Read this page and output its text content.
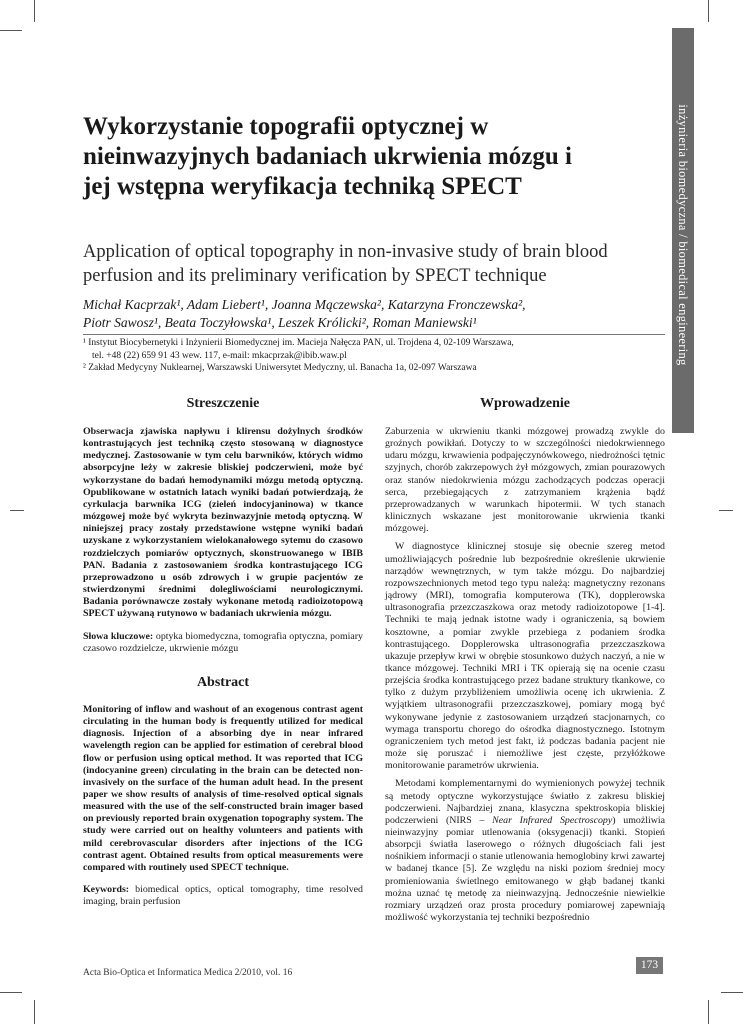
inżynieria biomedyczna / biomedical engineering
Wykorzystanie topografii optycznej w nieinwazyjnych badaniach ukrwienia mózgu i jej wstępna weryfikacja techniką SPECT
Application of optical topography in non-invasive study of brain blood perfusion and its preliminary verification by SPECT technique
Michał Kacprzak¹, Adam Liebert¹, Joanna Mączewska², Katarzyna Fronczewska²,
Piotr Sawosz¹, Beata Toczyłowska¹, Leszek Królicki², Roman Maniewski¹
¹ Instytut Biocybernetyki i Inżynierii Biomedycznej im. Macieja Nałęcza PAN, ul. Trojdena 4, 02-109 Warszawa,
tel. +48 (22) 659 91 43 wew. 117, e-mail: mkacprzak@ibib.waw.pl
² Zakład Medycyny Nuklearnej, Warszawski Uniwersytet Medyczny, ul. Banacha 1a, 02-097 Warszawa
Streszczenie

Obserwacja zjawiska napływu i klirensu dożylnych środków kontrastujących jest techniką często stosowaną w diagnostyce medycznej. Zastosowanie w tym celu barwników, których widmo absorpcyjne leży w zakresie bliskiej podczerwieni, może być wykorzystane do badań hemodynamiki mózgu metodą optyczną. Opublikowane w ostatnich latach wyniki badań potwierdzają, że cyrkulacja barwnika ICG (zieleń indocyjaninowa) w tkance mózgowej może być wykryta bezinwazyjnie metodą optyczną. W niniejszej pracy zostały przedstawione wstępne wyniki badań uzyskane z wykorzystaniem wielokanałowego sytemu do czasowo rozdzielczych pomiarów optycznych, skonstruowanego w IBIB PAN. Badania z zastosowaniem środka kontrastującego ICG przeprowadzono u osób zdrowych i w grupie pacjentów ze stwierdzonymi średnimi dolegliwościami neurologicznymi. Badania porównawcze zostały wykonane metodą radioizotopową SPECT używaną rutynowo w badaniach ukrwienia mózgu.

Słowa kluczowe: optyka biomedyczna, tomografia optyczna, pomiary czasowo rozdzielcze, ukrwienie mózgu

Abstract

Monitoring of inflow and washout of an exogenous contrast agent circulating in the human body is frequently utilized for medical diagnosis. Injection of a absorbing dye in near infrared wavelength region can be applied for estimation of cerebral blood flow or perfusion using optical method. It was reported that ICG (indocyanine green) circulating in the brain can be detected non-invasively on the surface of the human adult head. In the present paper we show results of analysis of time-resolved optical signals measured with the use of the self-constructed brain imager based on previously reported brain oxygenation topography system. The study were carried out on healthy volunteers and patients with mild cerebrovascular disorders after injections of the ICG contrast agent. Obtained results from optical measurements were compared with routinely used SPECT technique.

Keywords: biomedical optics, optical tomography, time resolved imaging, brain perfusion

Wprowadzenie

Zaburzenia w ukrwieniu tkanki mózgowej prowadzą zwykle do groźnych powikłań. Dotyczy to w szczególności niedokrwiennego udaru mózgu, krwawienia podpajęczynówkowego, niedrożności tętnic szyjnych, chorób zakrzepowych żył mózgowych, zmian pourazowych oraz stanów niedokrwienia mózgu zachodzących podczas operacji serca, przebiegających z zatrzymaniem krążenia bądź przeprowadzanych w warunkach hipotermii. W tych stanach klinicznych wskazane jest monitorowanie ukrwienia tkanki mózgowej.

W diagnostyce klinicznej stosuje się obecnie szereg metod umożliwiających pośrednie lub bezpośrednie określenie ukrwienie narządów wewnętrznych, w tym także mózgu. Do najbardziej rozpowszechnionych metod tego typu należą: magnetyczny rezonans jądrowy (MRI), tomografia komputerowa (TK), dopplerowska ultrasonografia przezczaszkowa oraz metody radioizotopowe [1-4]. Techniki te mają jednak istotne wady i ograniczenia, są bowiem kosztowne, a pomiar zwykle przebiega z podaniem środka kontrastującego. Dopplerowska ultrasonografia przezczaszkowa ukazuje przepływ krwi w obrębie stosunkowo dużych naczyń, a nie w tkance mózgowej. Techniki MRI i TK opierają się na ocenie czasu przejścia środka kontrastującego przez badane struktury tkankowe, co tylko z dużym przybliżeniem umożliwia ocenę ich ukrwienia. Z wyjątkiem ultrasonografii przezczaszkowej, pomiary mogą być wykonywane jedynie z zastosowaniem urządzeń stacjonarnych, co wymaga transportu chorego do ośrodka diagnostycznego. Istotnym ograniczeniem tych metod jest fakt, iż podczas badania pacjent nie może się poruszać i niemożliwe jest częste, przyłóżkowe monitorowanie parametrów ukrwienia.

Metodami komplementarnymi do wymienionych powyżej technik są metody optyczne wykorzystujące światło z zakresu bliskiej podczerwieni. Najbardziej znana, klasyczna spektroskopia bliskiej podczerwieni (NIRS – Near Infrared Spectroscopy) umożliwia nieinwazyjny pomiar utlenowania (oksygenacji) tkanki. Stopień absorpcji światła laserowego o różnych długościach fali jest nośnikiem informacji o stanie utlenowania hemoglobiny krwi zawartej w badanej tkance [5]. Ze względu na niski poziom średniej mocy promieniowania świetlnego emitowanego w głąb badanej tkanki można uznać tę metodę za nieinwazyjną. Jednocześnie niewielkie rozmiary urządzeń oraz prosta procedury pomiarowej zapewniają możliwość wykorzystania tej techniki bezpośrednio

Acta Bio-Optica et Informatica Medica 2/2010, vol. 16
173
